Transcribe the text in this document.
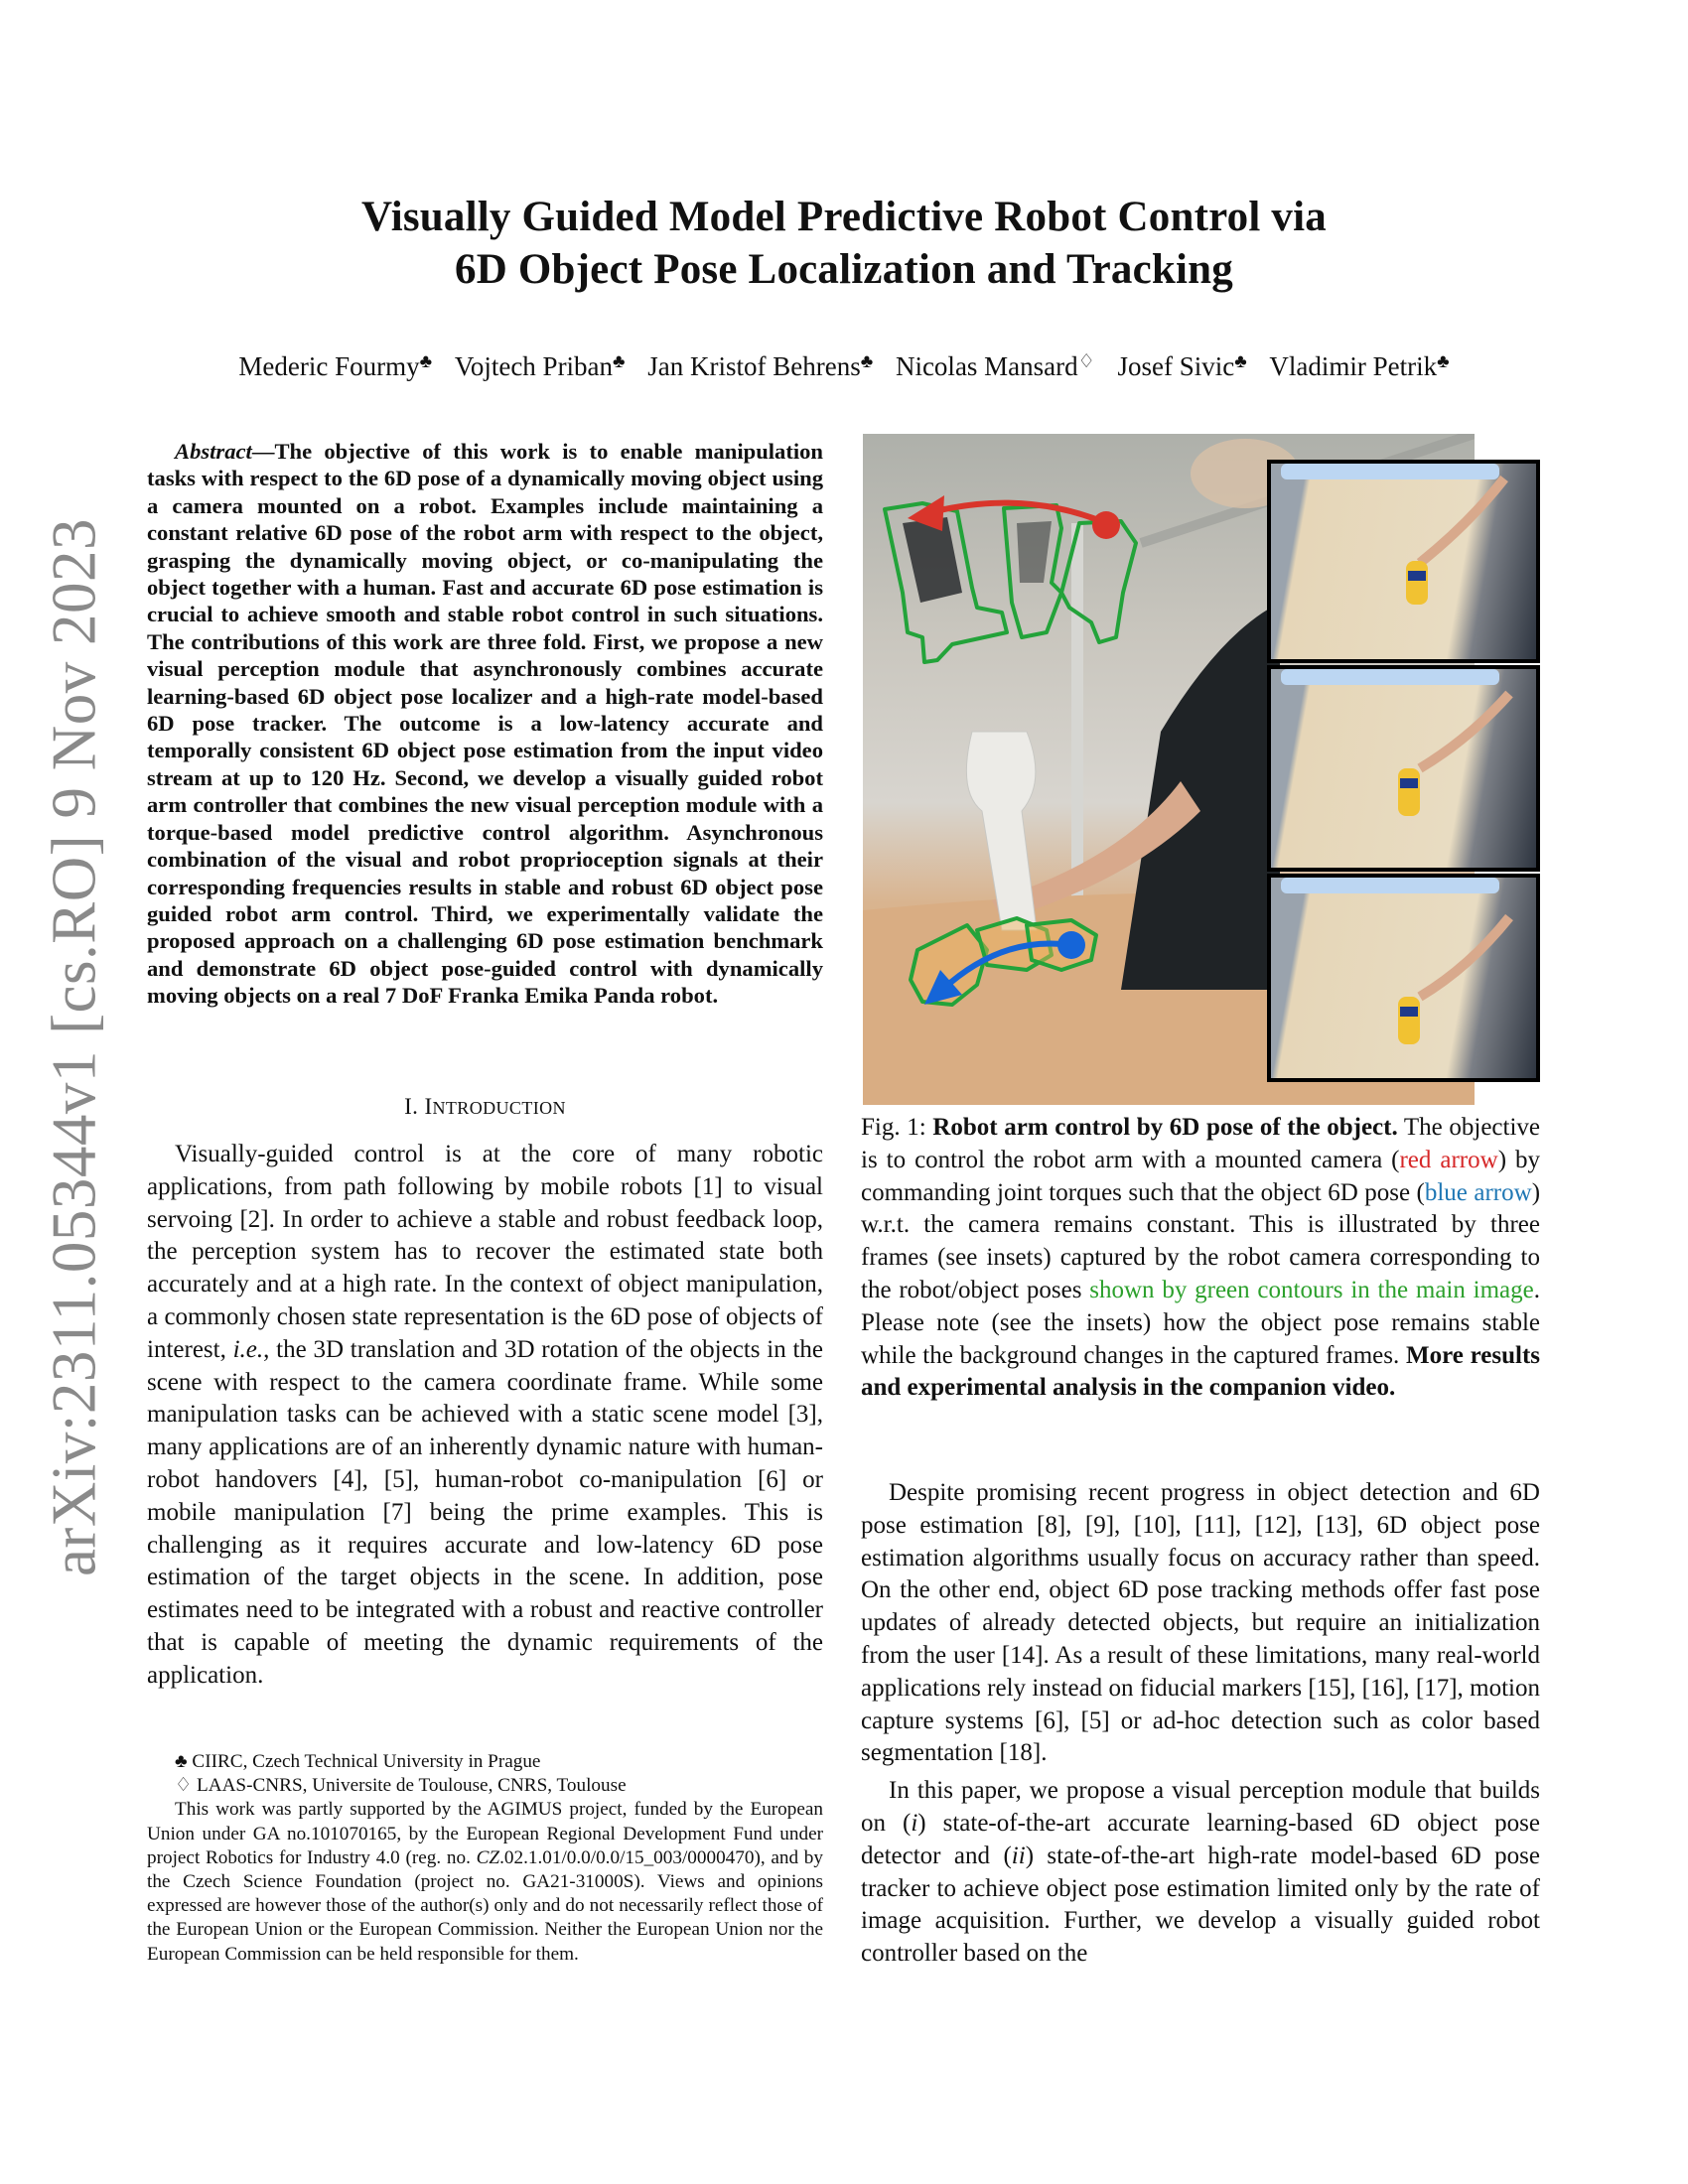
Visually Guided Model Predictive Robot Control via
6D Object Pose Localization and Tracking
Mederic Fourmy♣ Vojtech Priban♣ Jan Kristof Behrens♣ Nicolas Mansard♢ Josef Sivic♣ Vladimir Petrik♣
arXiv:2311.05344v1 [cs.RO] 9 Nov 2023
Abstract—The objective of this work is to enable manipulation tasks with respect to the 6D pose of a dynamically moving object using a camera mounted on a robot. Examples include maintaining a constant relative 6D pose of the robot arm with respect to the object, grasping the dynamically moving object, or co-manipulating the object together with a human. Fast and accurate 6D pose estimation is crucial to achieve smooth and stable robot control in such situations. The contributions of this work are three fold. First, we propose a new visual perception module that asynchronously combines accurate learning-based 6D object pose localizer and a high-rate model-based 6D pose tracker. The outcome is a low-latency accurate and temporally consistent 6D object pose estimation from the input video stream at up to 120 Hz. Second, we develop a visually guided robot arm controller that combines the new visual perception module with a torque-based model predictive control algorithm. Asynchronous combination of the visual and robot proprioception signals at their corresponding frequencies results in stable and robust 6D object pose guided robot arm control. Third, we experimentally validate the proposed approach on a challenging 6D pose estimation benchmark and demonstrate 6D object pose-guided control with dynamically moving objects on a real 7 DoF Franka Emika Panda robot.
I. INTRODUCTION
Visually-guided control is at the core of many robotic applications, from path following by mobile robots [1] to visual servoing [2]. In order to achieve a stable and robust feedback loop, the perception system has to recover the estimated state both accurately and at a high rate. In the context of object manipulation, a commonly chosen state representation is the 6D pose of objects of interest, i.e., the 3D translation and 3D rotation of the objects in the scene with respect to the camera coordinate frame. While some manipulation tasks can be achieved with a static scene model [3], many applications are of an inherently dynamic nature with human-robot handovers [4], [5], human-robot co-manipulation [6] or mobile manipulation [7] being the prime examples. This is challenging as it requires accurate and low-latency 6D pose estimation of the target objects in the scene. In addition, pose estimates need to be integrated with a robust and reactive controller that is capable of meeting the dynamic requirements of the application.
♣ CIIRC, Czech Technical University in Prague
♢ LAAS-CNRS, Universite de Toulouse, CNRS, Toulouse
This work was partly supported by the AGIMUS project, funded by the European Union under GA no.101070165, by the European Regional Development Fund under project Robotics for Industry 4.0 (reg. no. CZ.02.1.01/0.0/0.0/15_003/0000470), and by the Czech Science Foundation (project no. GA21-31000S). Views and opinions expressed are however those of the author(s) only and do not necessarily reflect those of the European Union or the European Commission. Neither the European Union nor the European Commission can be held responsible for them.
Fig. 1: Robot arm control by 6D pose of the object. The objective is to control the robot arm with a mounted camera (red arrow) by commanding joint torques such that the object 6D pose (blue arrow) w.r.t. the camera remains constant. This is illustrated by three frames (see insets) captured by the robot camera corresponding to the robot/object poses shown by green contours in the main image. Please note (see the insets) how the object pose remains stable while the background changes in the captured frames. More results and experimental analysis in the companion video.

Despite promising recent progress in object detection and 6D pose estimation [8], [9], [10], [11], [12], [13], 6D object pose estimation algorithms usually focus on accuracy rather than speed. On the other end, object 6D pose tracking methods offer fast pose updates of already detected objects, but require an initialization from the user [14]. As a result of these limitations, many real-world applications rely instead on fiducial markers [15], [16], [17], motion capture systems [6], [5] or ad-hoc detection such as color based segmentation [18].

In this paper, we propose a visual perception module that builds on (i) state-of-the-art accurate learning-based 6D object pose detector and (ii) state-of-the-art high-rate model-based 6D pose tracker to achieve object pose estimation limited only by the rate of image acquisition. Further, we develop a visually guided robot controller based on the
